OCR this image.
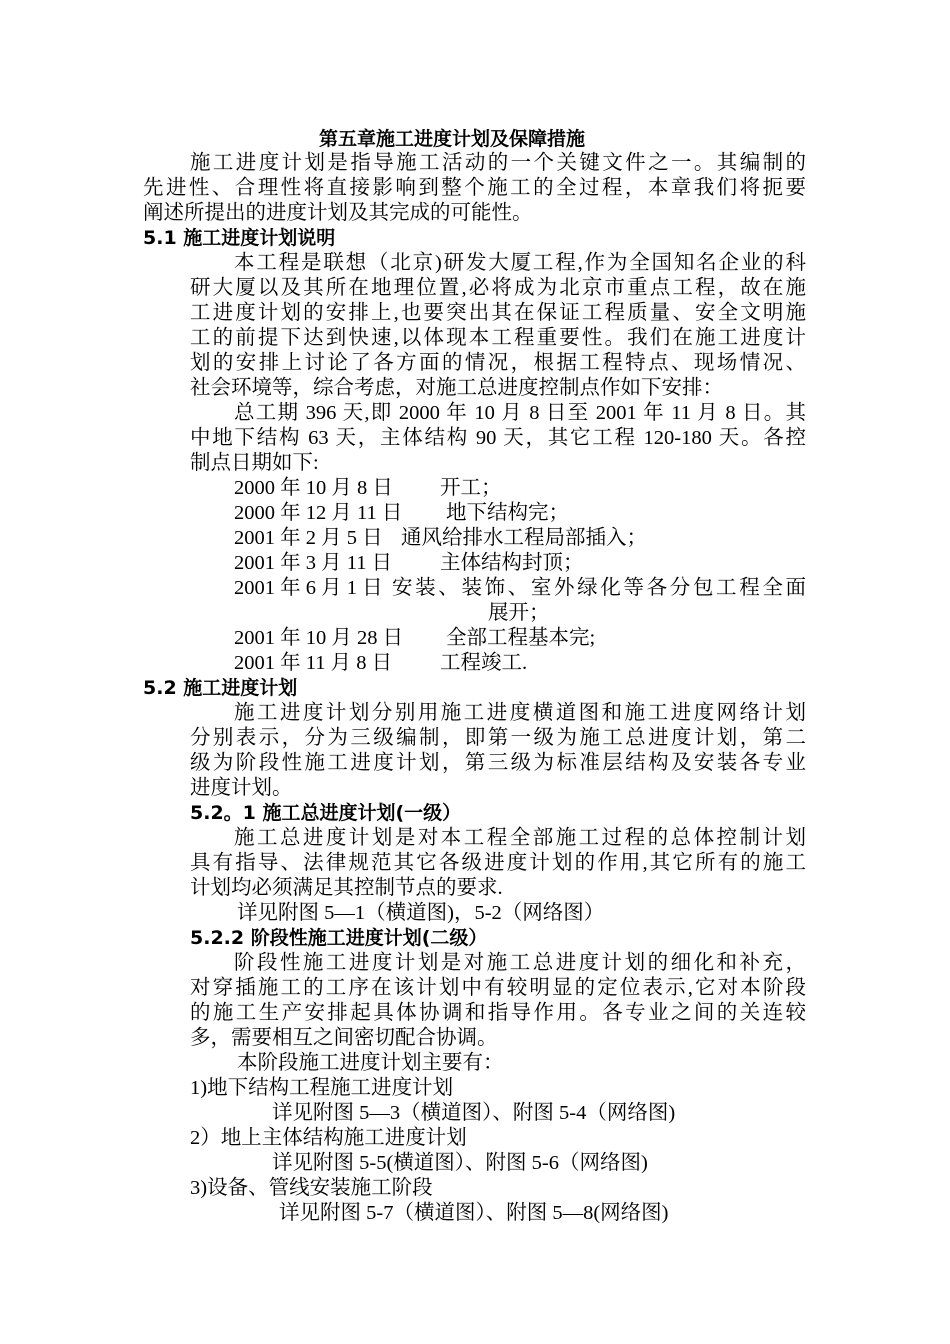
第五章施工进度计划及保障措施
施工进度计划是指导施工活动的一个关键文件之一。其编制的
先进性、合理性将直接影响到整个施工的全过程，本章我们将扼要
阐述所提出的进度计划及其完成的可能性。
5.1 施工进度计划说明
本工程是联想（北京)研发大厦工程,作为全国知名企业的科
研大厦以及其所在地理位置,必将成为北京市重点工程，故在施
工进度计划的安排上,也要突出其在保证工程质量、安全文明施
工的前提下达到快速,以体现本工程重要性。我们在施工进度计
划的安排上讨论了各方面的情况，根据工程特点、现场情况、
社会环境等，综合考虑，对施工总进度控制点作如下安排：
总工期 396 天,即 2000 年 10 月 8 日至 2001 年 11 月 8 日。其
中地下结构 63 天，主体结构 90 天，其它工程 120-180 天。各控
制点日期如下:
2000 年 10 月 8 日 开工；
2000 年 12 月 11 日 地下结构完；
2001 年 2 月 5 日 通风给排水工程局部插入；
2001 年 3 月 11 日 主体结构封顶；
2001 年 6 月 1 日 安装、装饰、室外绿化等各分包工程全面
展开；
2001 年 10 月 28 日 全部工程基本完;
2001 年 11 月 8 日 工程竣工.
5.2 施工进度计划
施工进度计划分别用施工进度横道图和施工进度网络计划
分别表示，分为三级编制，即第一级为施工总进度计划，第二
级为阶段性施工进度计划，第三级为标准层结构及安装各专业
进度计划。
5.2。1 施工总进度计划(一级）
施工总进度计划是对本工程全部施工过程的总体控制计划
具有指导、法律规范其它各级进度计划的作用,其它所有的施工
计划均必须满足其控制节点的要求.
详见附图 5—1（横道图)，5-2（网络图）
5.2.2 阶段性施工进度计划(二级）
阶段性施工进度计划是对施工总进度计划的细化和补充，
对穿插施工的工序在该计划中有较明显的定位表示,它对本阶段
的施工生产安排起具体协调和指导作用。各专业之间的关连较
多，需要相互之间密切配合协调。
本阶段施工进度计划主要有：
1)地下结构工程施工进度计划
详见附图 5—3（横道图）、附图 5-4（网络图)
2）地上主体结构施工进度计划
详见附图 5-5(横道图）、附图 5-6（网络图)
3)设备、管线安装施工阶段
详见附图 5-7（横道图）、附图 5—8(网络图)
